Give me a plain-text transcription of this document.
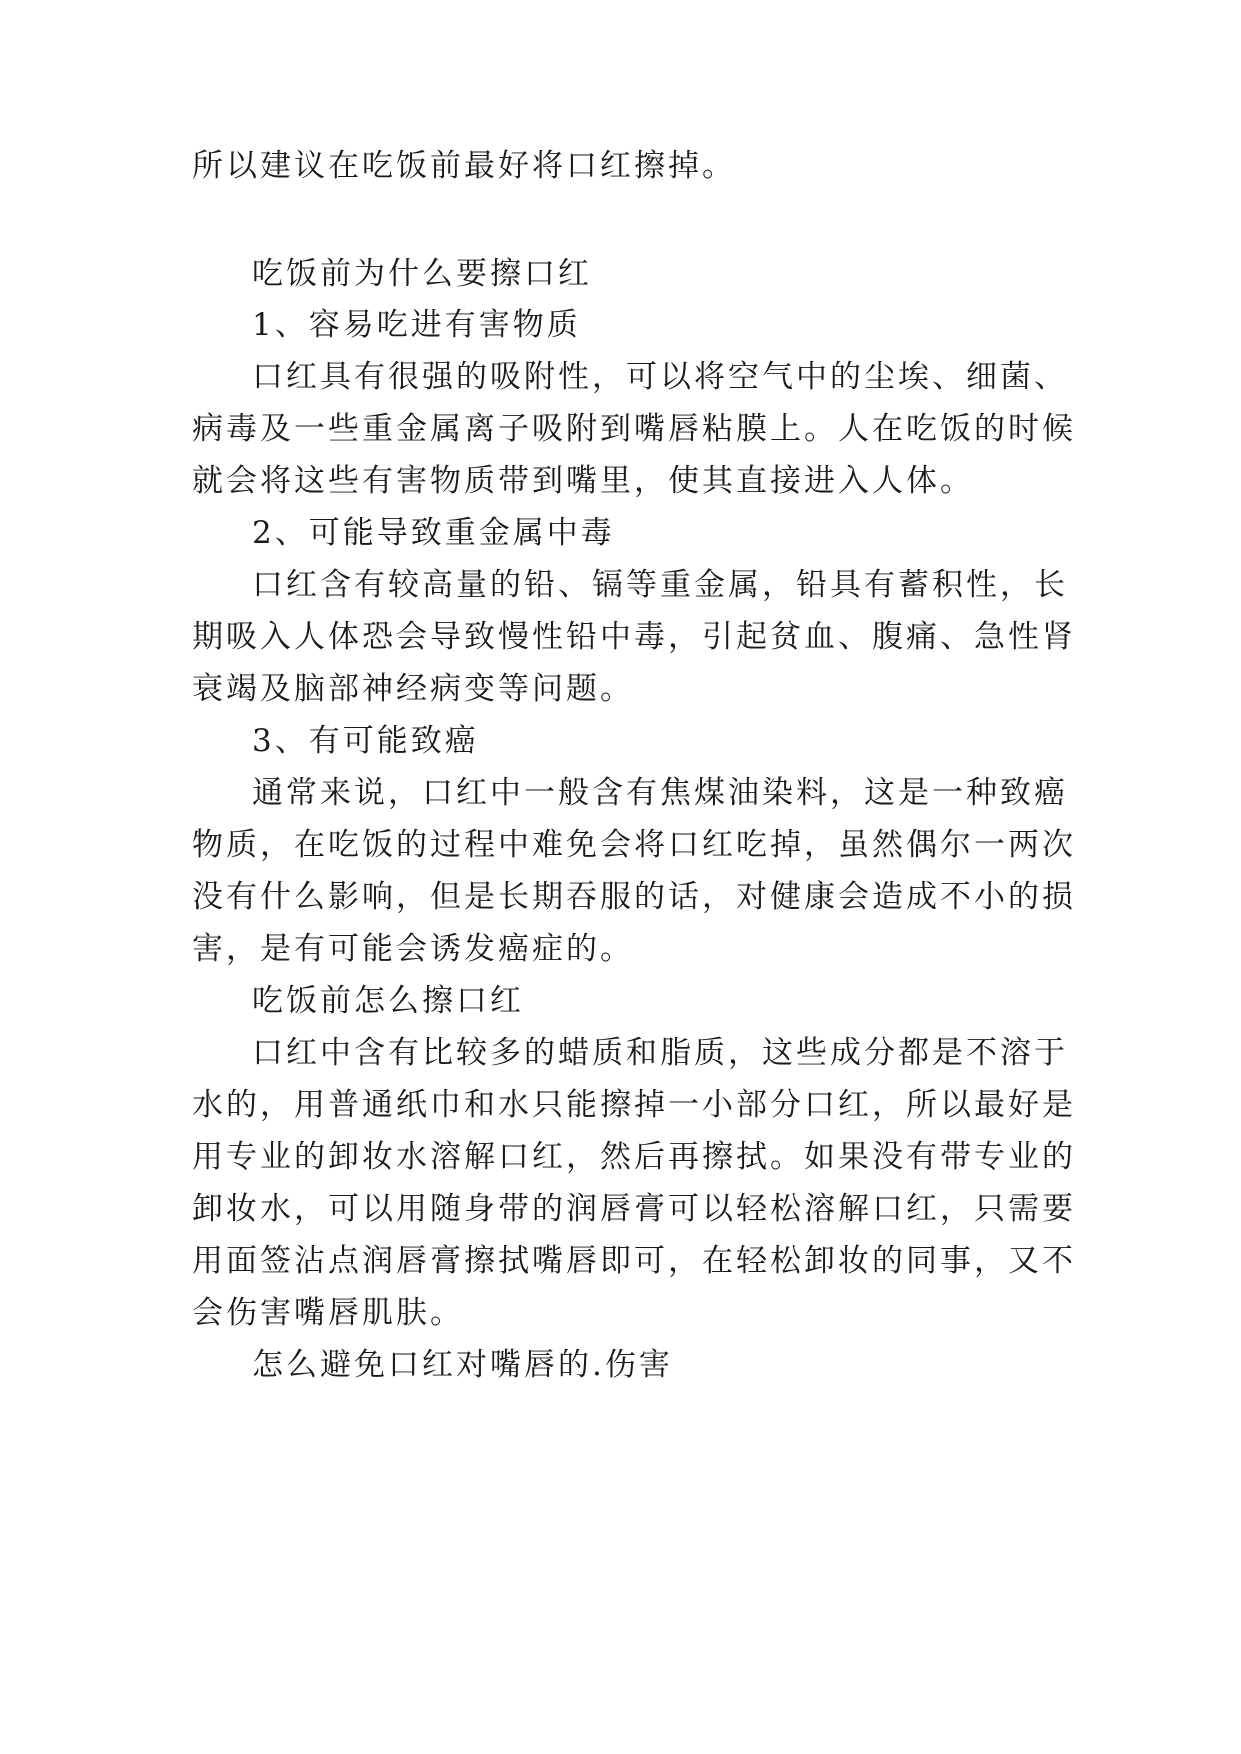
所以建议在吃饭前最好将口红擦掉。
吃饭前为什么要擦口红
1、容易吃进有害物质
口红具有很强的吸附性，可以将空气中的尘埃、细菌、
病毒及一些重金属离子吸附到嘴唇粘膜上。人在吃饭的时候
就会将这些有害物质带到嘴里，使其直接进入人体。
2、可能导致重金属中毒
口红含有较高量的铅、镉等重金属，铅具有蓄积性，长
期吸入人体恐会导致慢性铅中毒，引起贫血、腹痛、急性肾
衰竭及脑部神经病变等问题。
3、有可能致癌
通常来说，口红中一般含有焦煤油染料，这是一种致癌
物质，在吃饭的过程中难免会将口红吃掉，虽然偶尔一两次
没有什么影响，但是长期吞服的话，对健康会造成不小的损
害，是有可能会诱发癌症的。
吃饭前怎么擦口红
口红中含有比较多的蜡质和脂质，这些成分都是不溶于
水的，用普通纸巾和水只能擦掉一小部分口红，所以最好是
用专业的卸妆水溶解口红，然后再擦拭。如果没有带专业的
卸妆水，可以用随身带的润唇膏可以轻松溶解口红，只需要
用面签沾点润唇膏擦拭嘴唇即可，在轻松卸妆的同事，又不
会伤害嘴唇肌肤。
怎么避免口红对嘴唇的.伤害
